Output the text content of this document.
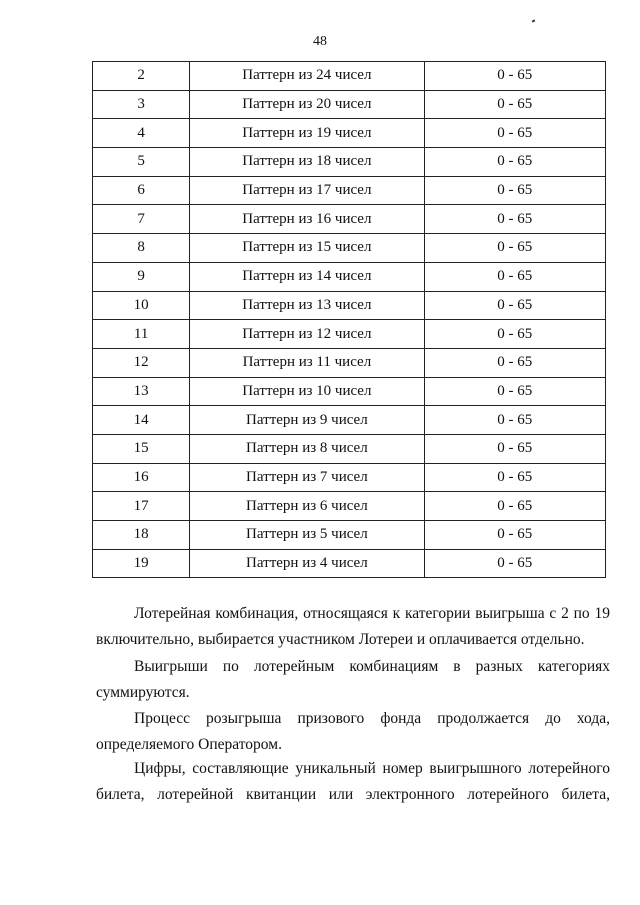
48
2	Паттерн из 24 чисел	0 - 65
3	Паттерн из 20 чисел	0 - 65
4	Паттерн из 19 чисел	0 - 65
5	Паттерн из 18 чисел	0 - 65
6	Паттерн из 17 чисел	0 - 65
7	Паттерн из 16 чисел	0 - 65
8	Паттерн из 15 чисел	0 - 65
9	Паттерн из 14 чисел	0 - 65
10	Паттерн из 13 чисел	0 - 65
11	Паттерн из 12 чисел	0 - 65
12	Паттерн из 11 чисел	0 - 65
13	Паттерн из 10 чисел	0 - 65
14	Паттерн из 9 чисел	0 - 65
15	Паттерн из 8 чисел	0 - 65
16	Паттерн из 7 чисел	0 - 65
17	Паттерн из 6 чисел	0 - 65
18	Паттерн из 5 чисел	0 - 65
19	Паттерн из 4 чисел	0 - 65
Лотерейная комбинация, относящаяся к категории выигрыша с 2 по 19
включительно, выбирается участником Лотереи и оплачивается отдельно.
Выигрыши по лотерейным комбинациям в разных категориях
суммируются.
Процесс розыгрыша призового фонда продолжается до хода,
определяемого Оператором.
Цифры, составляющие уникальный номер выигрышного лотерейного
билета, лотерейной квитанции или электронного лотерейного билета,
